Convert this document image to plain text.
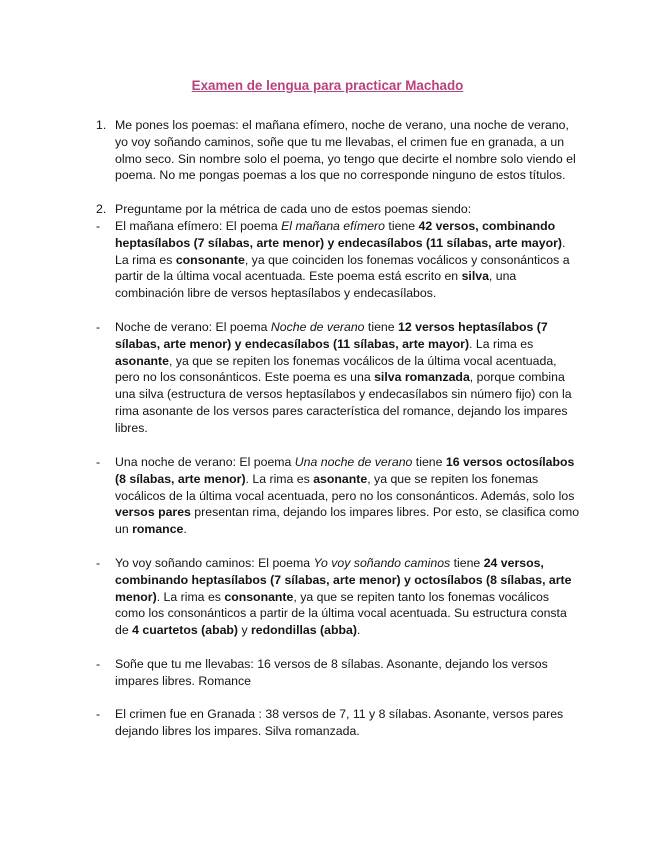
Examen de lengua para practicar Machado
1. Me pones los poemas: el mañana efímero, noche de verano, una noche de verano, yo voy soñando caminos, soñe que tu me llevabas, el crimen fue en granada, a un olmo seco. Sin nombre solo el poema, yo tengo que decirte el nombre solo viendo el poema. No me pongas poemas a los que no corresponde ninguno de estos títulos.
2. Preguntame por la métrica de cada uno de estos poemas siendo:
- El mañana efímero: El poema El mañana efímero tiene 42 versos, combinando heptasílabos (7 sílabas, arte menor) y endecasílabos (11 sílabas, arte mayor). La rima es consonante, ya que coinciden los fonemas vocálicos y consonánticos a partir de la última vocal acentuada. Este poema está escrito en silva, una combinación libre de versos heptasílabos y endecasílabos.
- Noche de verano: El poema Noche de verano tiene 12 versos heptasílabos (7 sílabas, arte menor) y endecasílabos (11 sílabas, arte mayor). La rima es asonante, ya que se repiten los fonemas vocálicos de la última vocal acentuada, pero no los consonánticos. Este poema es una silva romanzada, porque combina una silva (estructura de versos heptasílabos y endecasílabos sin número fijo) con la rima asonante de los versos pares característica del romance, dejando los impares libres.
- Una noche de verano: El poema Una noche de verano tiene 16 versos octosílabos (8 sílabas, arte menor). La rima es asonante, ya que se repiten los fonemas vocálicos de la última vocal acentuada, pero no los consonánticos. Además, solo los versos pares presentan rima, dejando los impares libres. Por esto, se clasifica como un romance.
- Yo voy soñando caminos: El poema Yo voy soñando caminos tiene 24 versos, combinando heptasílabos (7 sílabas, arte menor) y octosílabos (8 sílabas, arte menor). La rima es consonante, ya que se repiten tanto los fonemas vocálicos como los consonánticos a partir de la última vocal acentuada. Su estructura consta de 4 cuartetos (abab) y redondillas (abba).
- Soñe que tu me llevabas: 16 versos de 8 sílabas. Asonante, dejando los versos impares libres. Romance
- El crimen fue en Granada : 38 versos de 7, 11 y 8 sílabas. Asonante, versos pares dejando libres los impares. Silva romanzada.
